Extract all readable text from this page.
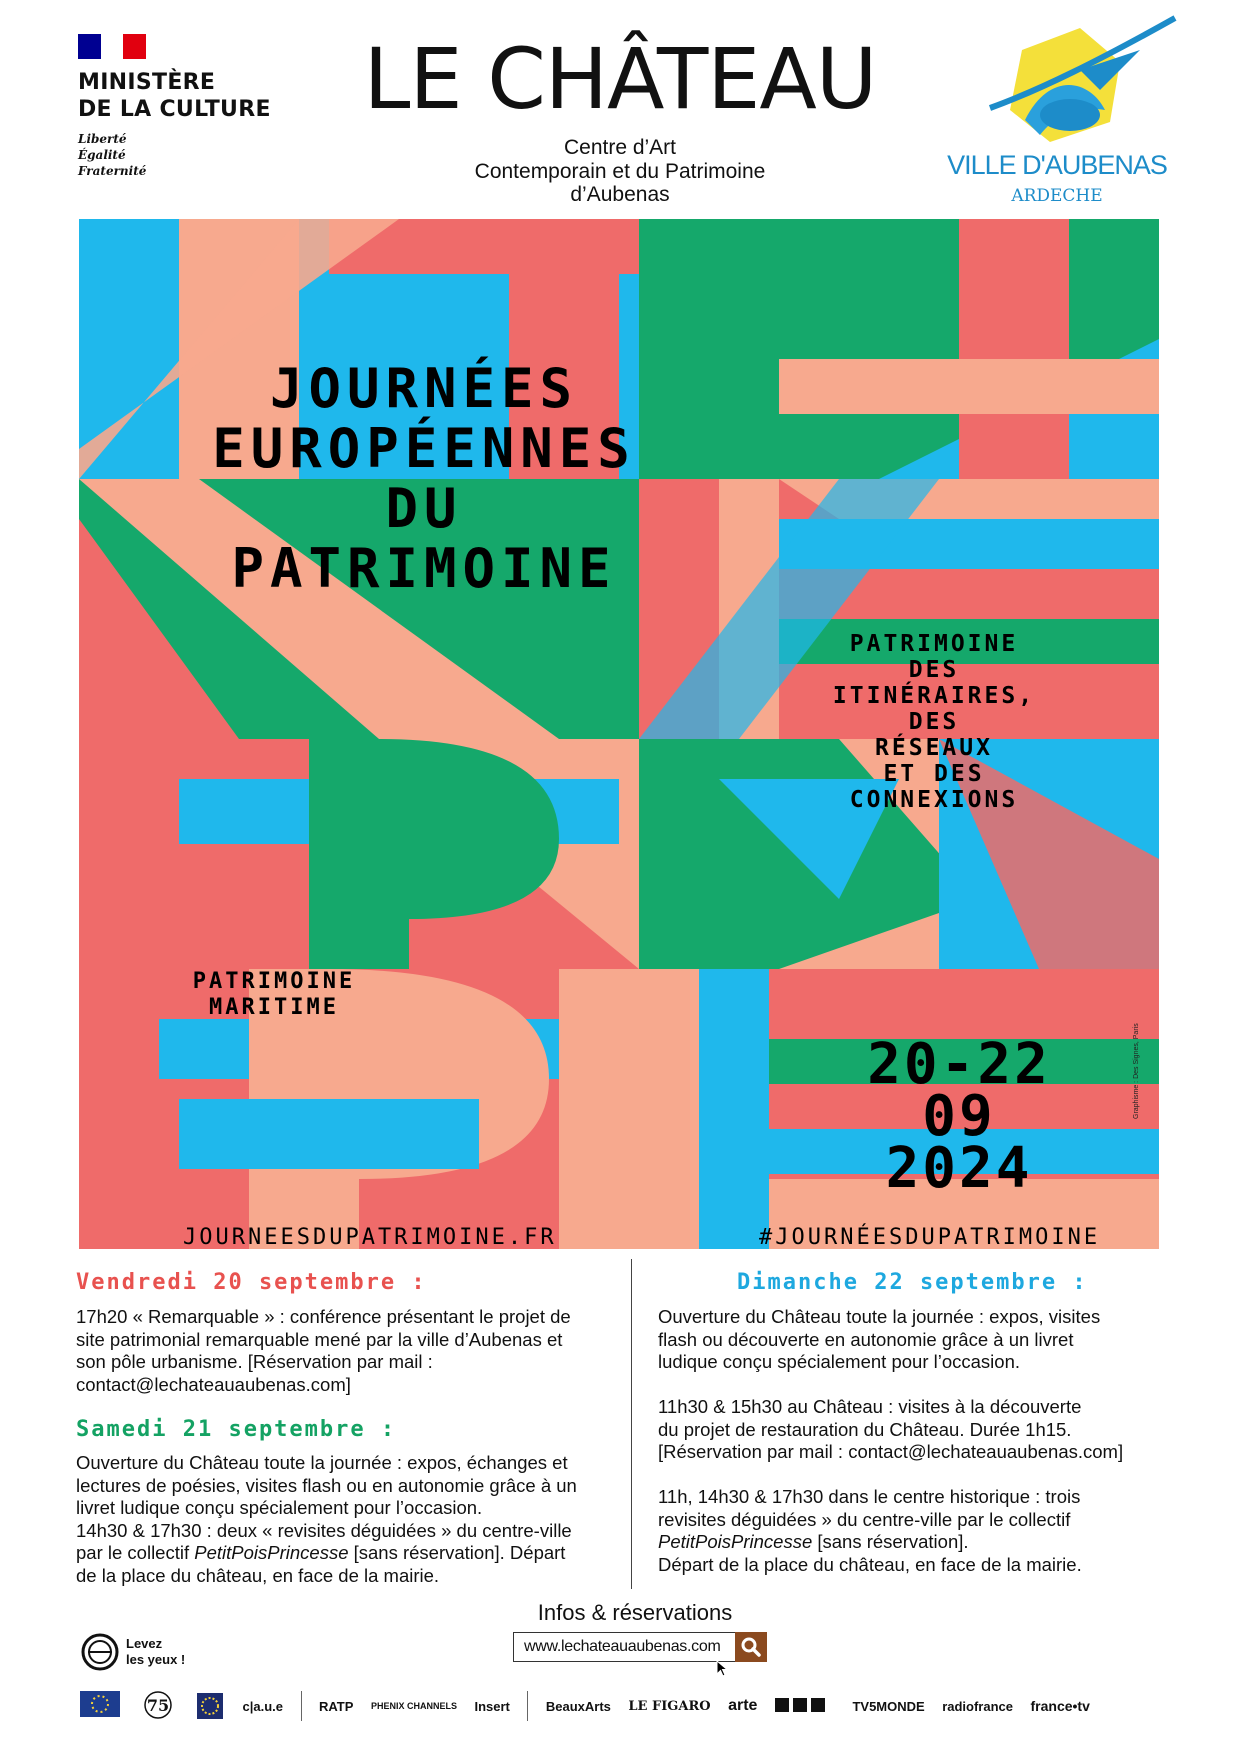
MINISTÈRE
DE LA CULTURE
Liberté
Égalité
Fraternité
LE CHÂTEAU
Centre d’Art
Contemporain et du Patrimoine
d’Aubenas
VILLE D'AUBENAS
ARDECHE
JOURNÉES
EUROPÉENNES
DU
PATRIMOINE
PATRIMOINE
DES
ITINÉRAIRES,
DES
RÉSEAUX
ET DES
CONNEXIONS
PATRIMOINE
MARITIME
20-22
09
2024
JOURNEESDUPATRIMOINE.FR	#JOURNÉESDUPATRIMOINE
Graphisme : Des Signes, Paris
Vendredi 20 septembre :
17h20 « Remarquable » : conférence présentant le projet de
site patrimonial remarquable mené par la ville d’Aubenas et
son pôle urbanisme. [Réservation par mail :
contact@lechateauaubenas.com]
Samedi 21 septembre :
Ouverture du Château toute la journée : expos, échanges et
lectures de poésies, visites flash ou en autonomie grâce à un
livret ludique conçu spécialement pour l’occasion.
14h30 & 17h30 : deux « revisites déguidées » du centre-ville
par le collectif PetitPoisPrincesse [sans réservation]. Départ
de la place du château, en face de la mairie.
Dimanche 22 septembre :
Ouverture du Château toute la journée : expos, visites
flash ou découverte en autonomie grâce à un livret
ludique conçu spécialement pour l’occasion.
11h30 & 15h30 au Château : visites à la découverte
du projet de restauration du Château. Durée 1h15.
[Réservation par mail : contact@lechateauaubenas.com]
11h, 14h30 & 17h30 dans le centre historique : trois
revisites déguidées » du centre-ville par le collectif
PetitPoisPrincesse [sans réservation].
Départ de la place du château, en face de la mairie.
Infos & réservations
www.lechateauaubenas.com
Levez
les yeux !
75	c|a.u.e	RATP PHENIX CHANNELS Insert	BeauxArts LE FIGARO arte	TV5MONDE radiofrance france•tv
